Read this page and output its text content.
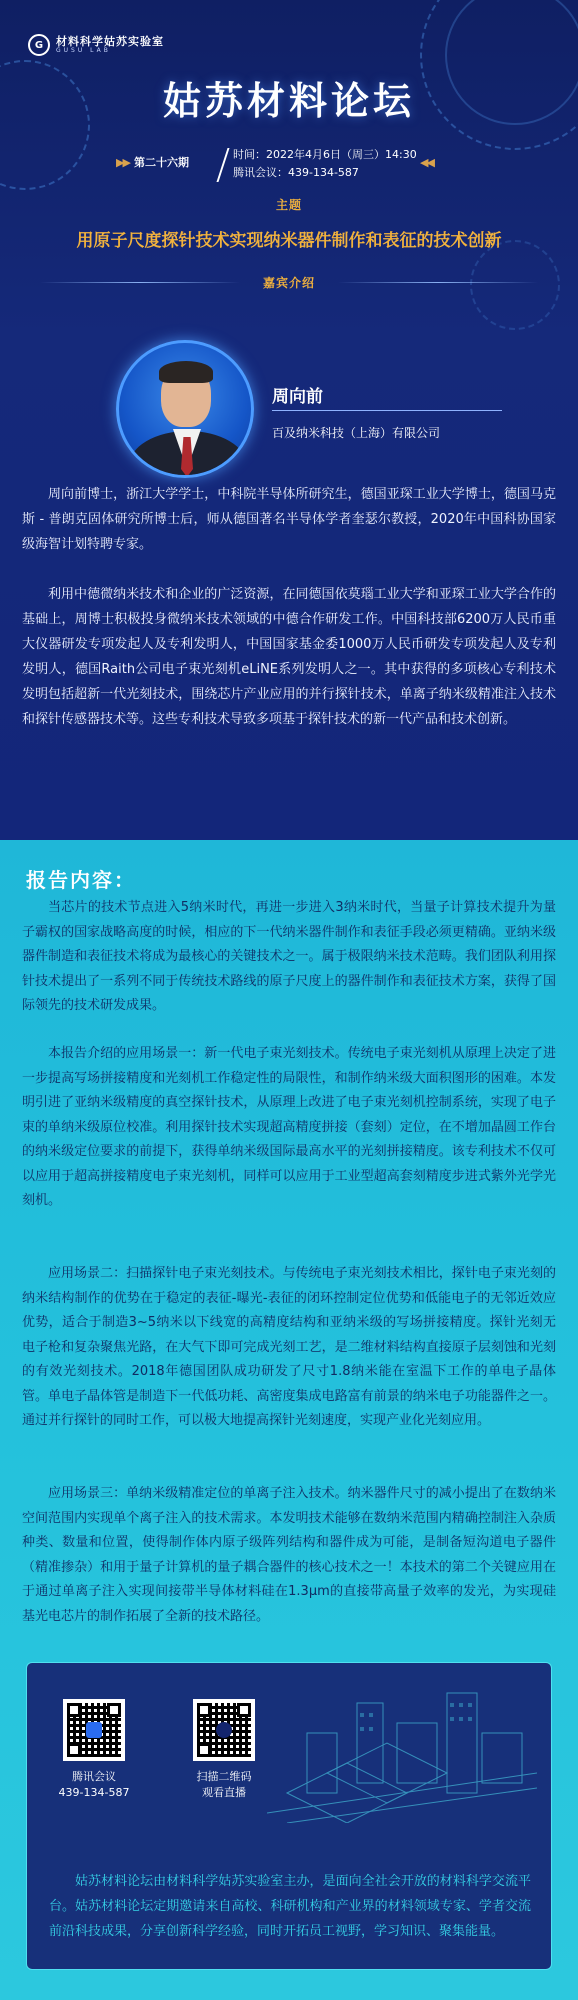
G	材料科学姑苏实验室
GUSU LAB
姑苏材料论坛
▶▶ 第二十六期
时间：2022年4月6日（周三）14:30
腾讯会议：439-134-587
◀◀
主题
用原子尺度探针技术实现纳米器件制作和表征的技术创新
嘉宾介绍
周向前
百及纳米科技（上海）有限公司

周向前博士，浙江大学学士，中科院半导体所研究生，德国亚琛工业大学博士，德国马克斯 - 普朗克固体研究所博士后，师从德国著名半导体学者奎瑟尔教授，2020年中国科协国家级海智计划特聘专家。

利用中德微纳米技术和企业的广泛资源，在同德国依莫瑙工业大学和亚琛工业大学合作的基础上，周博士积极投身微纳米技术领域的中德合作研发工作。中国科技部6200万人民币重大仪器研发专项发起人及专利发明人，中国国家基金委1000万人民币研发专项发起人及专利发明人，德国Raith公司电子束光刻机eLiNE系列发明人之一。其中获得的多项核心专利技术发明包括超新一代光刻技术，围绕芯片产业应用的并行探针技术，单离子纳米级精准注入技术和探针传感器技术等。这些专利技术导致多项基于探针技术的新一代产品和技术创新。

报告内容：

当芯片的技术节点进入5纳米时代，再进一步进入3纳米时代，当量子计算技术提升为量子霸权的国家战略高度的时候，相应的下一代纳米器件制作和表征手段必须更精确。亚纳米级器件制造和表征技术将成为最核心的关键技术之一。属于极限纳米技术范畴。我们团队利用探针技术提出了一系列不同于传统技术路线的原子尺度上的器件制作和表征技术方案，获得了国际领先的技术研发成果。

本报告介绍的应用场景一：新一代电子束光刻技术。传统电子束光刻机从原理上决定了进一步提高写场拼接精度和光刻机工作稳定性的局限性，和制作纳米级大面积图形的困难。本发明引进了亚纳米级精度的真空探针技术，从原理上改进了电子束光刻机控制系统，实现了电子束的单纳米级原位校准。利用探针技术实现超高精度拼接（套刻）定位，在不增加晶圆工作台的纳米级定位要求的前提下，获得单纳米级国际最高水平的光刻拼接精度。该专利技术不仅可以应用于超高拼接精度电子束光刻机，同样可以应用于工业型超高套刻精度步进式紫外光学光刻机。

应用场景二：扫描探针电子束光刻技术。与传统电子束光刻技术相比，探针电子束光刻的纳米结构制作的优势在于稳定的表征-曝光-表征的闭环控制定位优势和低能电子的无邻近效应优势，适合于制造3~5纳米以下线宽的高精度结构和亚纳米级的写场拼接精度。探针光刻无电子枪和复杂聚焦光路，在大气下即可完成光刻工艺，是二维材料结构直接原子层刻蚀和光刻的有效光刻技术。2018年德国团队成功研发了尺寸1.8纳米能在室温下工作的单电子晶体管。单电子晶体管是制造下一代低功耗、高密度集成电路富有前景的纳米电子功能器件之一。通过并行探针的同时工作，可以极大地提高探针光刻速度，实现产业化光刻应用。

应用场景三：单纳米级精准定位的单离子注入技术。纳米器件尺寸的减小提出了在数纳米空间范围内实现单个离子注入的技术需求。本发明技术能够在数纳米范围内精确控制注入杂质种类、数量和位置，使得制作体内原子级阵列结构和器件成为可能，是制备短沟道电子器件（精准掺杂）和用于量子计算机的量子耦合器件的核心技术之一！本技术的第二个关键应用在于通过单离子注入实现间接带半导体材料硅在1.3μm的直接带高量子效率的发光，为实现硅基光电芯片的制作拓展了全新的技术路径。

腾讯会议
439-134-587
扫描二维码
观看直播

姑苏材料论坛由材料科学姑苏实验室主办，是面向全社会开放的材料科学交流平台。姑苏材料论坛定期邀请来自高校、科研机构和产业界的材料领域专家、学者交流前沿科技成果，分享创新科学经验，同时开拓员工视野，学习知识、聚集能量。
